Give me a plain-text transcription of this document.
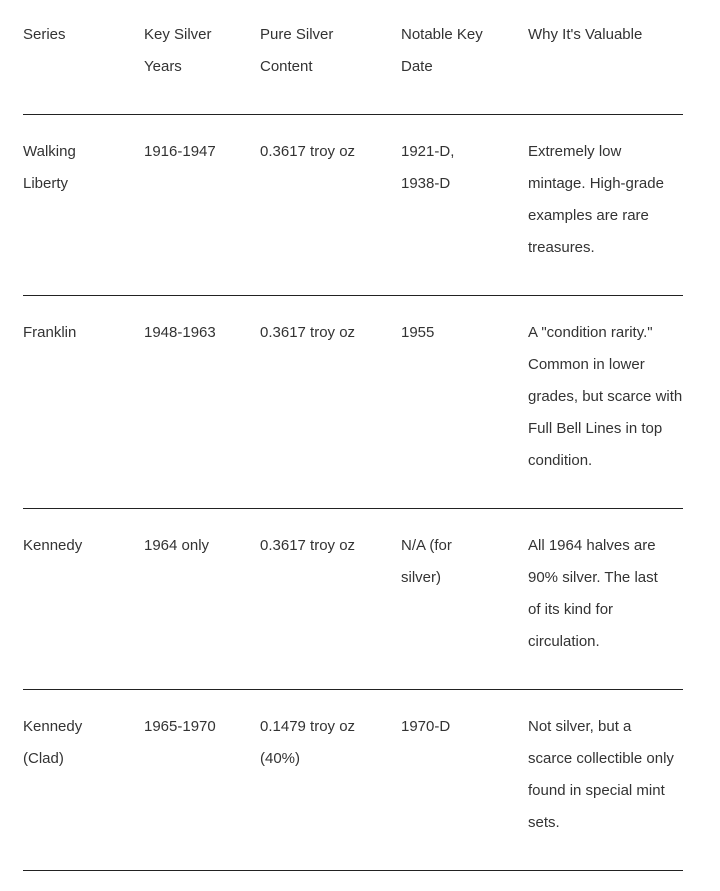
Series	Key Silver Years	Pure Silver Content	Notable Key Date	Why It's Valuable

Walking Liberty	1916-1947	0.3617 troy oz	1921-D, 1938-D	Extremely low mintage. High-grade examples are rare treasures.

Franklin	1948-1963	0.3617 troy oz	1955	A "condition rarity." Common in lower grades, but scarce with Full Bell Lines in top condition.

Kennedy	1964 only	0.3617 troy oz	N/A (for silver)	All 1964 halves are 90% silver. The last of its kind for circulation.

Kennedy (Clad)	1965-1970	0.1479 troy oz (40%)	1970-D	Not silver, but a scarce collectible only found in special mint sets.
